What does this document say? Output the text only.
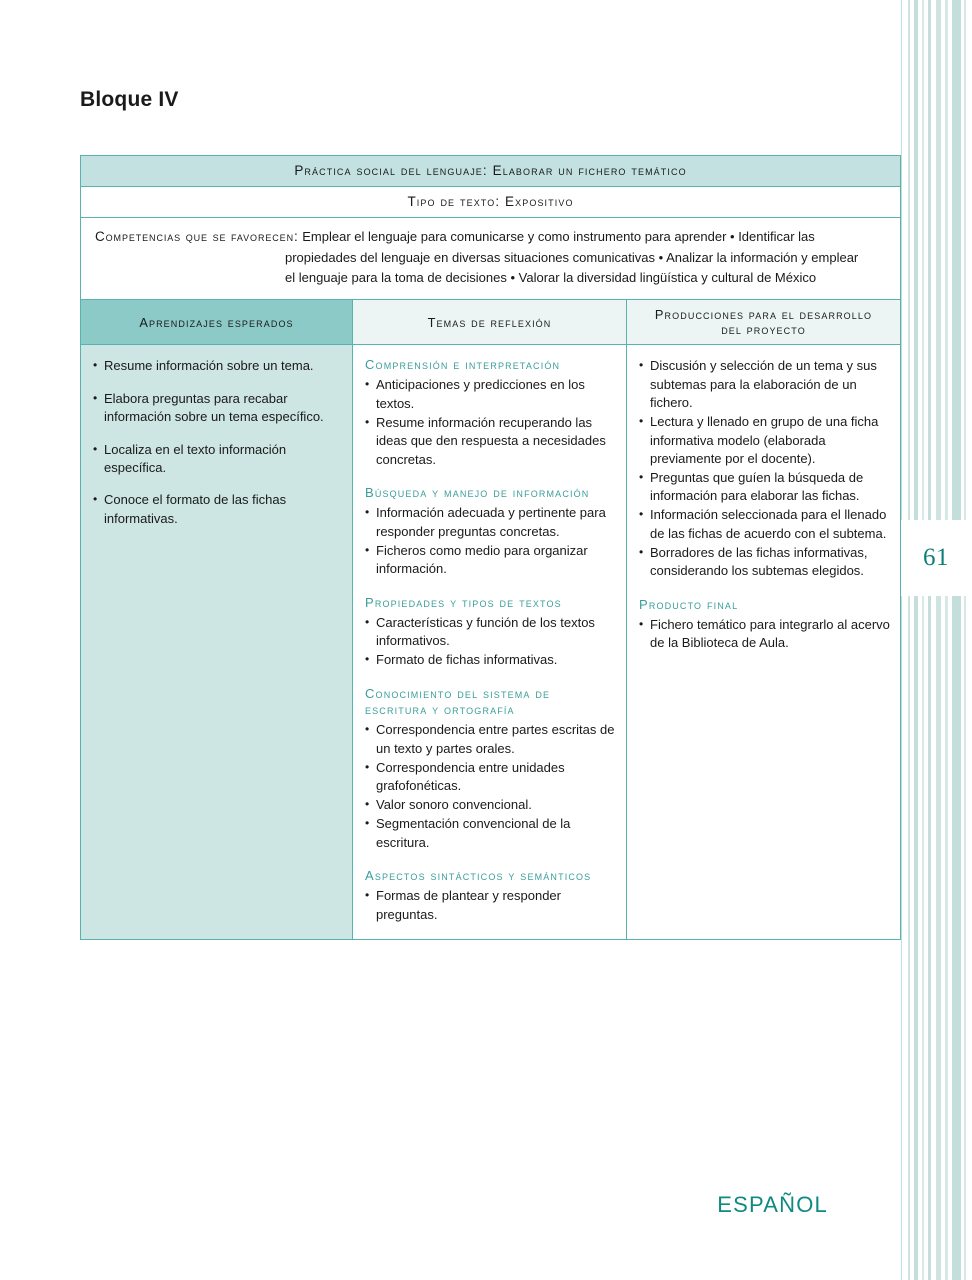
61
Bloque IV
Práctica social del lenguaje: Elaborar un fichero temático
Tipo de texto: Expositivo
Competencias que se favorecen: Emplear el lenguaje para comunicarse y como instrumento para aprender • Identificar las
propiedades del lenguaje en diversas situaciones comunicativas • Analizar la información y emplear
el lenguaje para la toma de decisiones • Valorar la diversidad lingüística y cultural de México
Aprendizajes esperados	Temas de reflexión	Producciones para el desarrollo
del proyecto
• Resume información sobre un tema.
• Elabora preguntas para recabar información sobre un tema específico.
• Localiza en el texto información específica.
• Conoce el formato de las fichas informativas.
Comprensión e interpretación
• Anticipaciones y predicciones en los textos.
• Resume información recuperando las ideas que den respuesta a necesidades concretas.
Búsqueda y manejo de información
• Información adecuada y pertinente para responder preguntas concretas.
• Ficheros como medio para organizar información.
Propiedades y tipos de textos
• Características y función de los textos informativos.
• Formato de fichas informativas.
Conocimiento del sistema de escritura y ortografía
• Correspondencia entre partes escritas de un texto y partes orales.
• Correspondencia entre unidades grafofonéticas.
• Valor sonoro convencional.
• Segmentación convencional de la escritura.
Aspectos sintácticos y semánticos
• Formas de plantear y responder preguntas.
• Discusión y selección de un tema y sus subtemas para la elaboración de un fichero.
• Lectura y llenado en grupo de una ficha informativa modelo (elaborada previamente por el docente).
• Preguntas que guíen la búsqueda de información para elaborar las fichas.
• Información seleccionada para el llenado de las fichas de acuerdo con el subtema.
• Borradores de las fichas informativas, considerando los subtemas elegidos.
Producto final
• Fichero temático para integrarlo al acervo de la Biblioteca de Aula.
ESPAÑOL
